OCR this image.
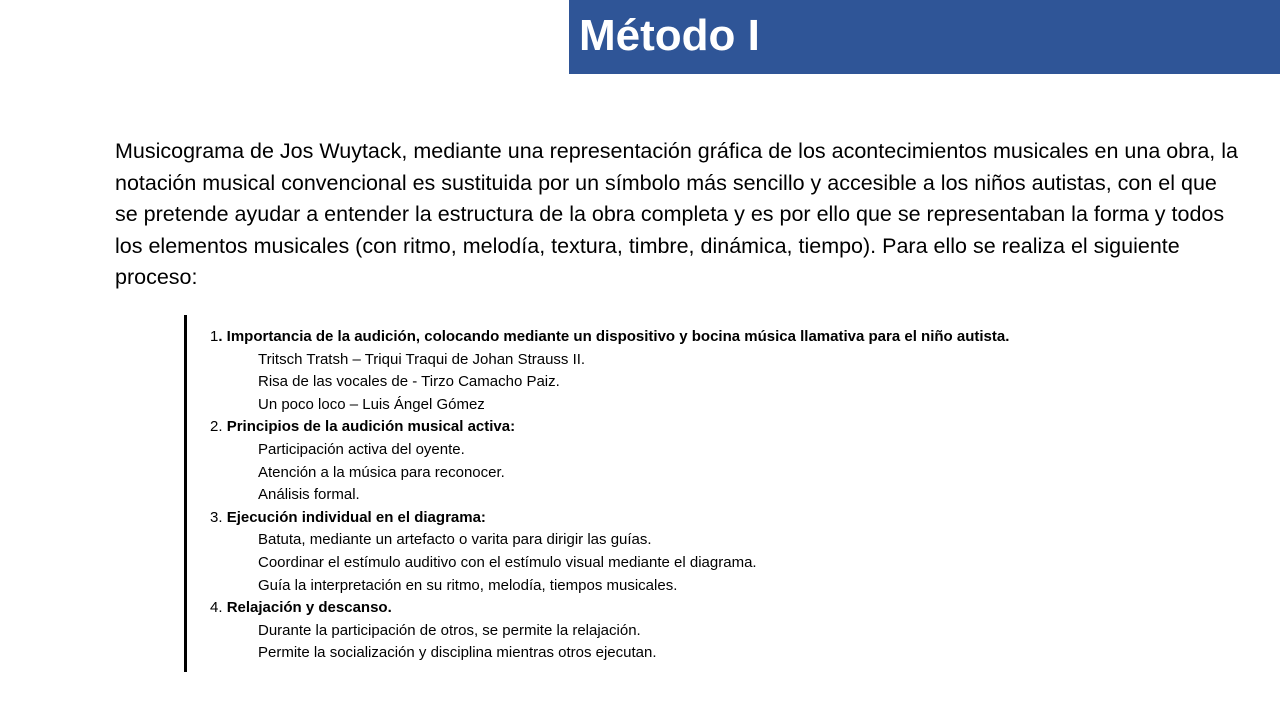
Método I

Musicograma de Jos Wuytack, mediante una representación gráfica de los acontecimientos musicales en una obra, la notación musical convencional es sustituida por un símbolo más sencillo y accesible a los niños autistas, con el que se pretende ayudar a entender la estructura de la obra completa y es por ello que se representaban la forma y todos los elementos musicales (con ritmo, melodía, textura, timbre, dinámica, tiempo). Para ello se realiza el siguiente proceso:

1. Importancia de la audición, colocando mediante un dispositivo y bocina música llamativa para el niño autista.
Tritsch Tratsh – Triqui Traqui de Johan Strauss II.
Risa de las vocales de - Tirzo Camacho Paiz.
Un poco loco – Luis Ángel Gómez
2. Principios de la audición musical activa:
Participación activa del oyente.
Atención a la música para reconocer.
Análisis formal.
3. Ejecución individual en el diagrama:
Batuta, mediante un artefacto o varita para dirigir las guías.
Coordinar el estímulo auditivo con el estímulo visual mediante el diagrama.
Guía la interpretación en su ritmo, melodía, tiempos musicales.
4. Relajación y descanso.
Durante la participación de otros, se permite la relajación.
Permite la socialización y disciplina mientras otros ejecutan.
